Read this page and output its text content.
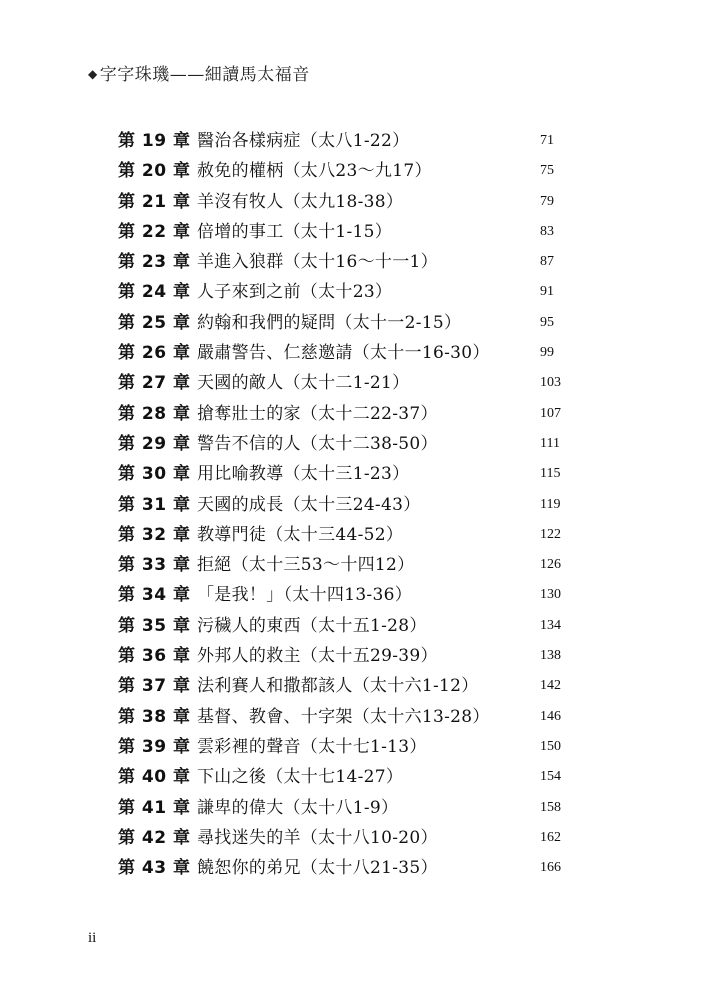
◆ 字字珠璣——細讀馬太福音
第 19 章 醫治各樣病症（太八1-22）	71
第 20 章 赦免的權柄（太八23～九17）	75
第 21 章 羊沒有牧人（太九18-38）	79
第 22 章 倍增的事工（太十1-15）	83
第 23 章 羊進入狼群（太十16～十一1）	87
第 24 章 人子來到之前（太十23）	91
第 25 章 約翰和我們的疑問（太十一2-15）	95
第 26 章 嚴肅警告、仁慈邀請（太十一16-30）	99
第 27 章 天國的敵人（太十二1-21）	103
第 28 章 搶奪壯士的家（太十二22-37）	107
第 29 章 警告不信的人（太十二38-50）	111
第 30 章 用比喻教導（太十三1-23）	115
第 31 章 天國的成長（太十三24-43）	119
第 32 章 教導門徒（太十三44-52）	122
第 33 章 拒絕（太十三53～十四12）	126
第 34 章 「是我！」（太十四13-36）	130
第 35 章 污穢人的東西（太十五1-28）	134
第 36 章 外邦人的救主（太十五29-39）	138
第 37 章 法利賽人和撒都該人（太十六1-12）	142
第 38 章 基督、教會、十字架（太十六13-28）	146
第 39 章 雲彩裡的聲音（太十七1-13）	150
第 40 章 下山之後（太十七14-27）	154
第 41 章 謙卑的偉大（太十八1-9）	158
第 42 章 尋找迷失的羊（太十八10-20）	162
第 43 章 饒恕你的弟兄（太十八21-35）	166
ii
